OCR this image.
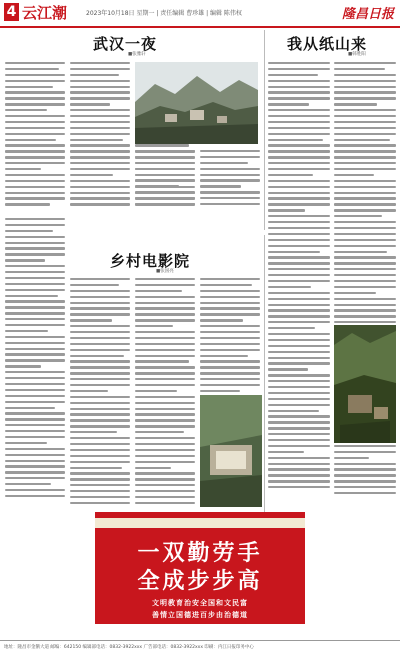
4 云江潮	2023年10月18日 星期一 | 责任编辑 曹珍雄 | 编辑 陈伟权	隆昌日报
武汉一夜
■张雅轩
我从纸山来
■韩胜阳
乡村电影院
■张国亮
一双勤劳手
全成步步高
文明教育治安全国和文民富
善情立国德进百步由治德道
地址：隆昌市金鹅大道 邮编：642150 编辑部电话：0832-3922xxx 广告部电话：0832-3922xxx 印刷：内江日报印务中心
